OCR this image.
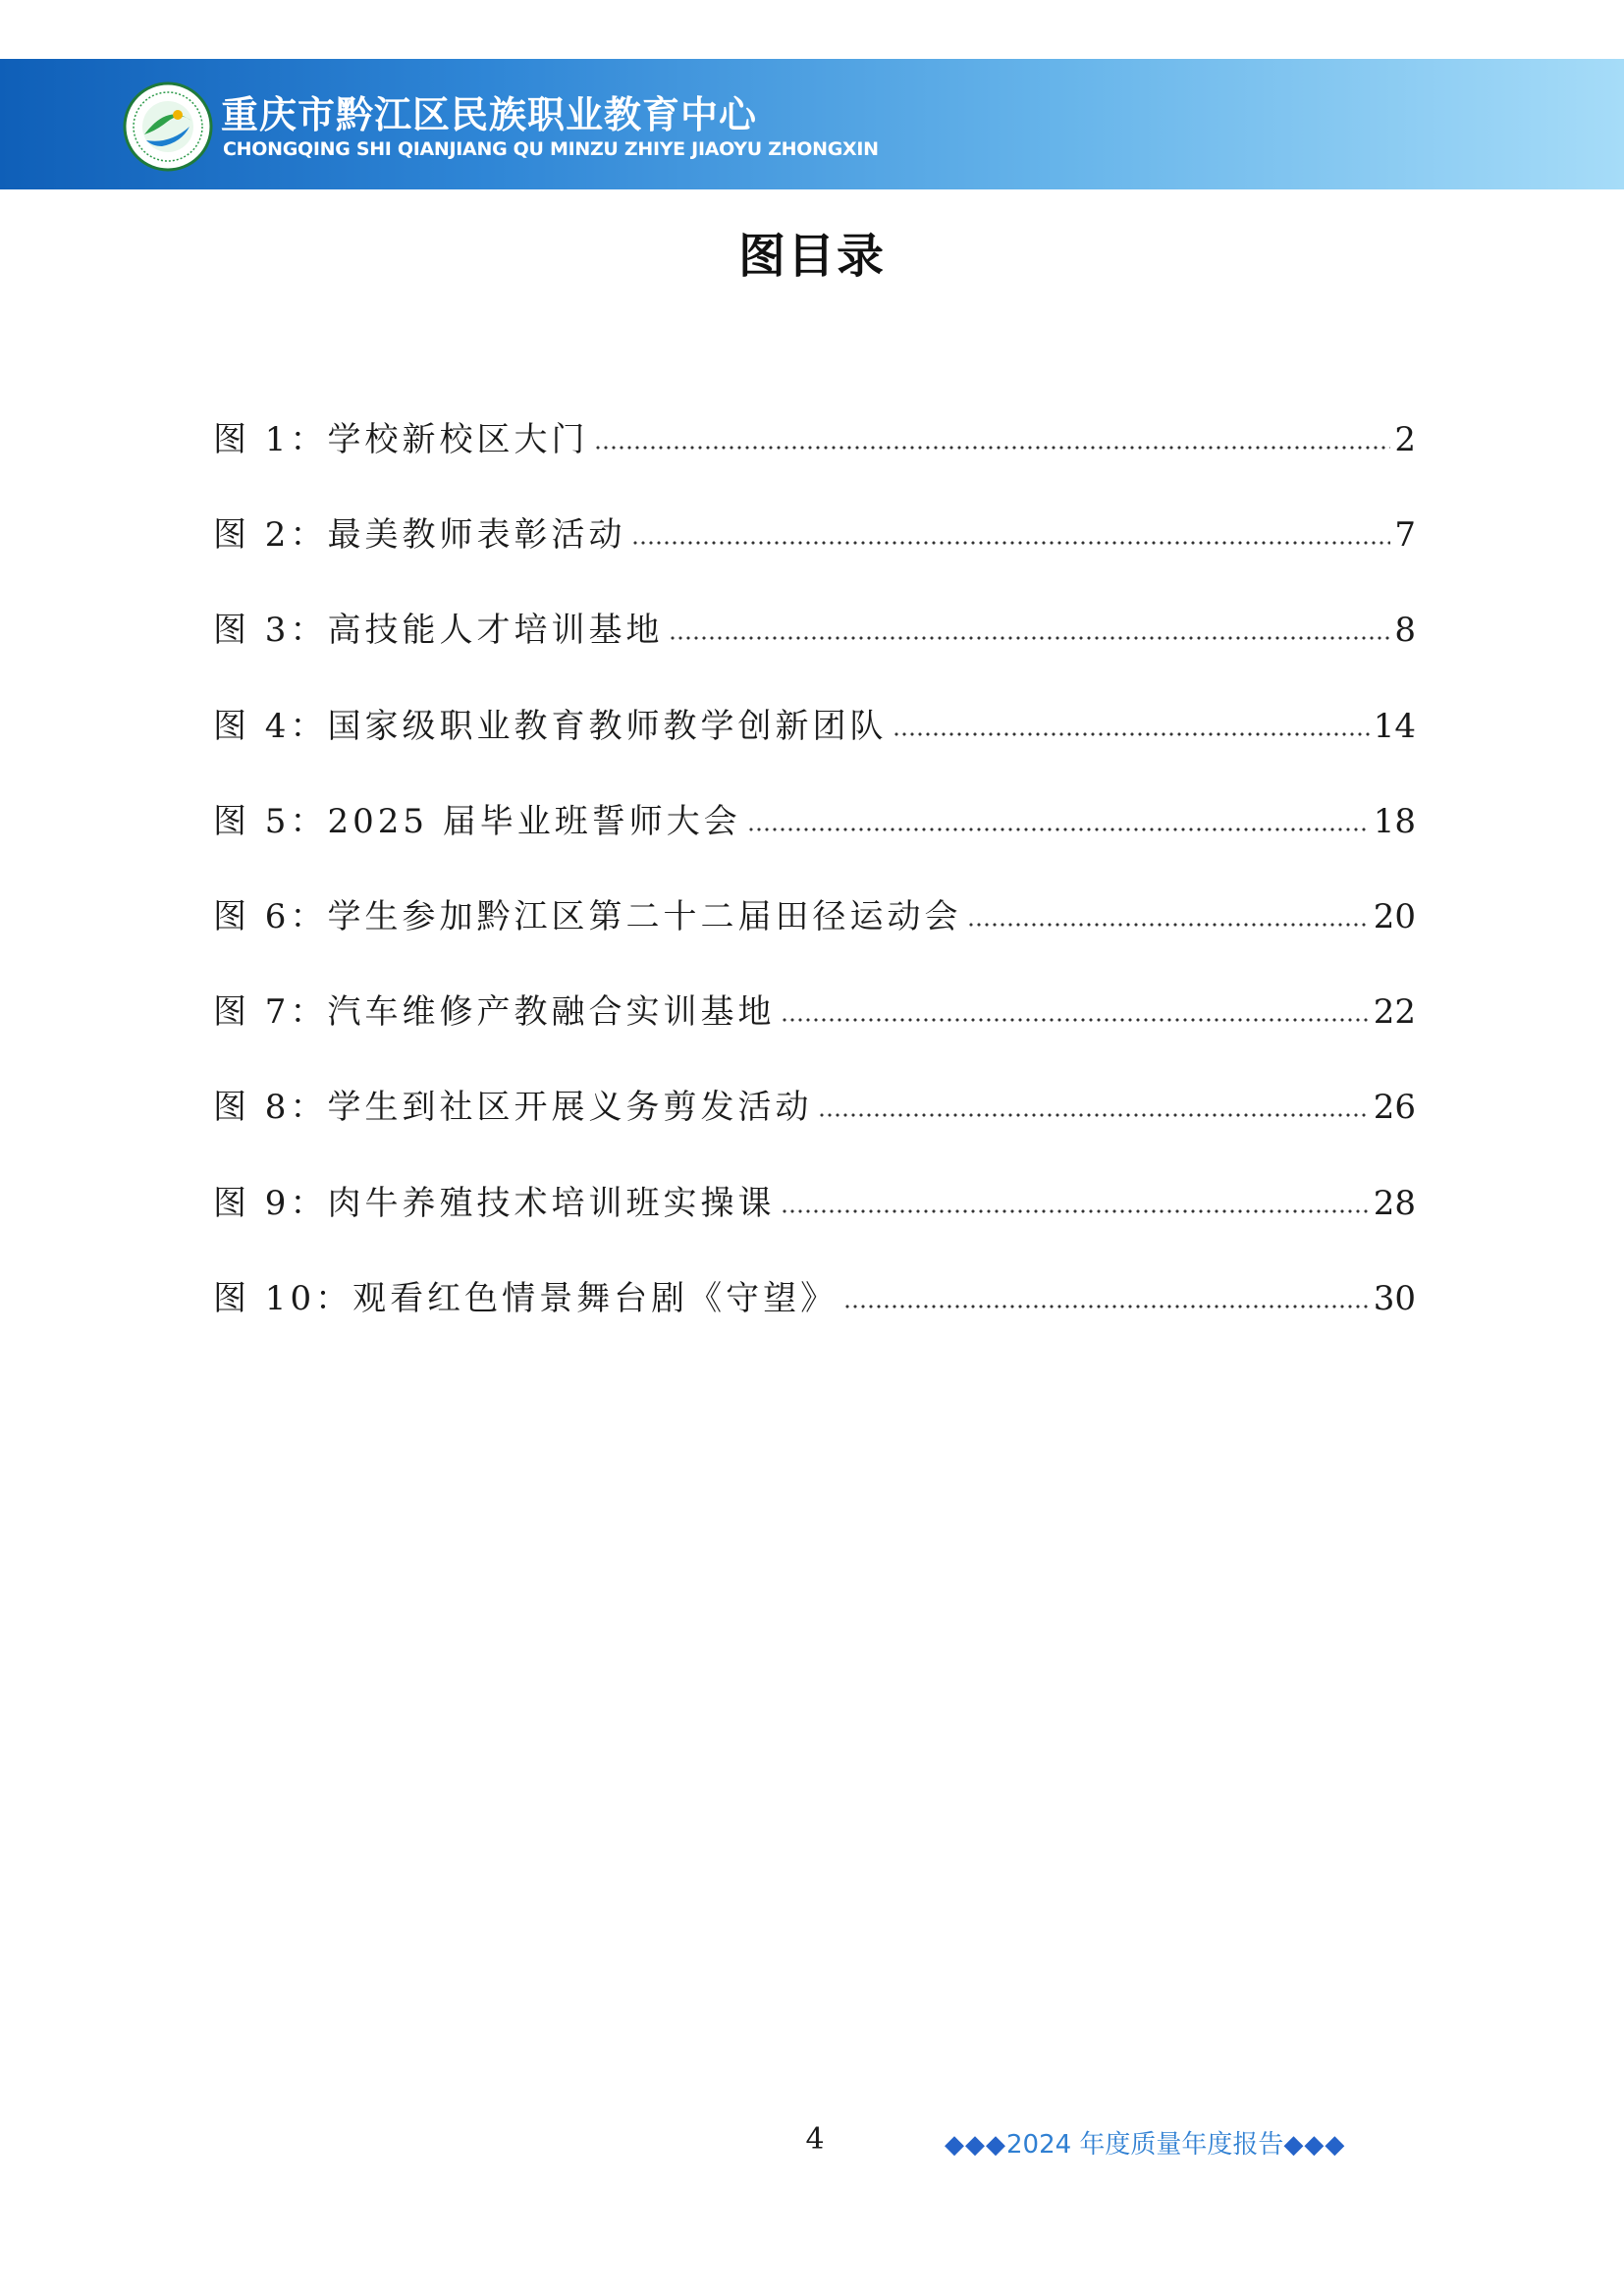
重庆市黔江区民族职业教育中心
CHONGQING SHI QIANJIANG QU MINZU ZHIYE JIAOYU ZHONGXIN
图目录
图 1：学校新校区大门	2
图 2：最美教师表彰活动	7
图 3：高技能人才培训基地	8
图 4：国家级职业教育教师教学创新团队	14
图 5：2025 届毕业班誓师大会	18
图 6：学生参加黔江区第二十二届田径运动会	20
图 7：汽车维修产教融合实训基地	22
图 8：学生到社区开展义务剪发活动	26
图 9：肉牛养殖技术培训班实操课	28
图 10：观看红色情景舞台剧《守望》	30
4	◆◆◆2024 年度质量年度报告◆◆◆
